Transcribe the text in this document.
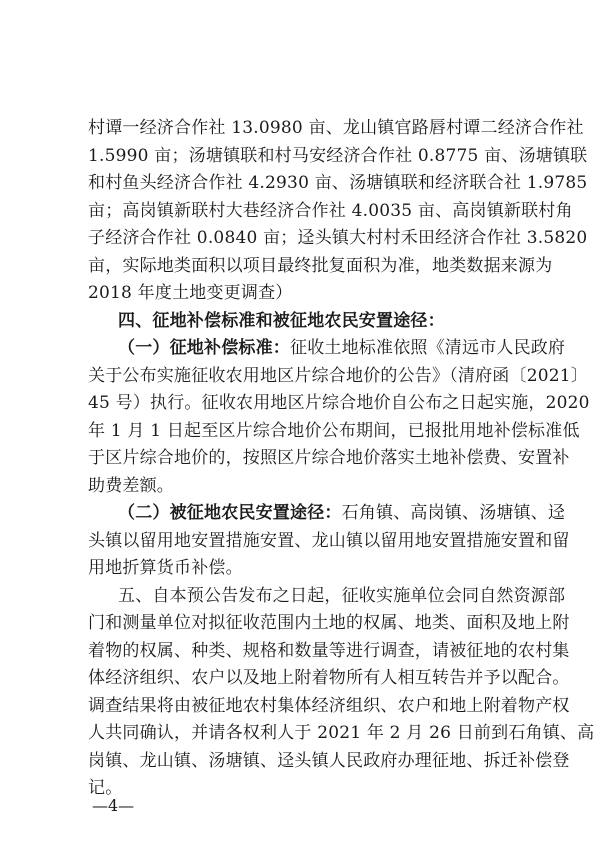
村谭一经济合作社 13.0980 亩、龙山镇官路唇村谭二经济合作社
1.5990 亩；汤塘镇联和村马安经济合作社 0.8775 亩、汤塘镇联
和村鱼头经济合作社 4.2930 亩、汤塘镇联和经济联合社 1.9785
亩；高岗镇新联村大巷经济合作社 4.0035 亩、高岗镇新联村角
子经济合作社 0.0840 亩；迳头镇大村村禾田经济合作社 3.5820
亩，实际地类面积以项目最终批复面积为准，地类数据来源为
2018 年度土地变更调查）
四、征地补偿标准和被征地农民安置途径：
（一）征地补偿标准：征收土地标准依照《清远市人民政府
关于公布实施征收农用地区片综合地价的公告》（清府函〔2021〕
45 号）执行。征收农用地区片综合地价自公布之日起实施，2020
年 1 月 1 日起至区片综合地价公布期间，已报批用地补偿标准低
于区片综合地价的，按照区片综合地价落实土地补偿费、安置补
助费差额。
（二）被征地农民安置途径：石角镇、高岗镇、汤塘镇、迳
头镇以留用地安置措施安置、龙山镇以留用地安置措施安置和留
用地折算货币补偿。
五、自本预公告发布之日起，征收实施单位会同自然资源部
门和测量单位对拟征收范围内土地的权属、地类、面积及地上附
着物的权属、种类、规格和数量等进行调查，请被征地的农村集
体经济组织、农户以及地上附着物所有人相互转告并予以配合。
调查结果将由被征地农村集体经济组织、农户和地上附着物产权
人共同确认，并请各权利人于 2021 年 2 月 26 日前到石角镇、高
岗镇、龙山镇、汤塘镇、迳头镇人民政府办理征地、拆迁补偿登
记。
—4—
